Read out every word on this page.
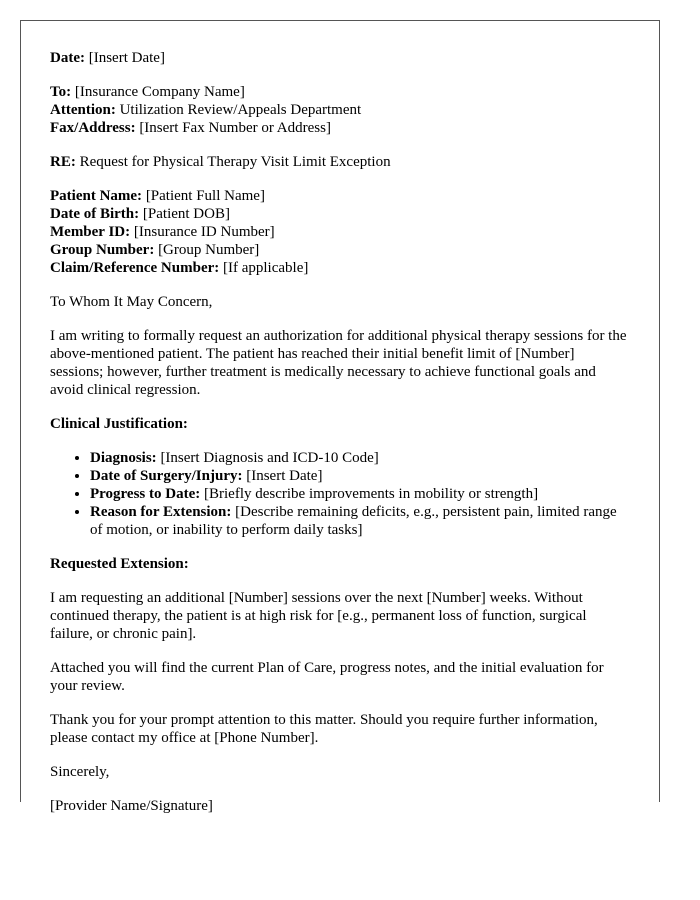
Date: [Insert Date]

To: [Insurance Company Name]
Attention: Utilization Review/Appeals Department
Fax/Address: [Insert Fax Number or Address]

RE: Request for Physical Therapy Visit Limit Exception

Patient Name: [Patient Full Name]
Date of Birth: [Patient DOB]
Member ID: [Insurance ID Number]
Group Number: [Group Number]
Claim/Reference Number: [If applicable]

To Whom It May Concern,

I am writing to formally request an authorization for additional physical therapy sessions for the above-mentioned patient. The patient has reached their initial benefit limit of [Number] sessions; however, further treatment is medically necessary to achieve functional goals and avoid clinical regression.

Clinical Justification:

• Diagnosis: [Insert Diagnosis and ICD-10 Code]
• Date of Surgery/Injury: [Insert Date]
• Progress to Date: [Briefly describe improvements in mobility or strength]
• Reason for Extension: [Describe remaining deficits, e.g., persistent pain, limited range of motion, or inability to perform daily tasks]

Requested Extension:

I am requesting an additional [Number] sessions over the next [Number] weeks. Without continued therapy, the patient is at high risk for [e.g., permanent loss of function, surgical failure, or chronic pain].

Attached you will find the current Plan of Care, progress notes, and the initial evaluation for your review.

Thank you for your prompt attention to this matter. Should you require further information, please contact my office at [Phone Number].

Sincerely,

[Provider Name/Signature]
